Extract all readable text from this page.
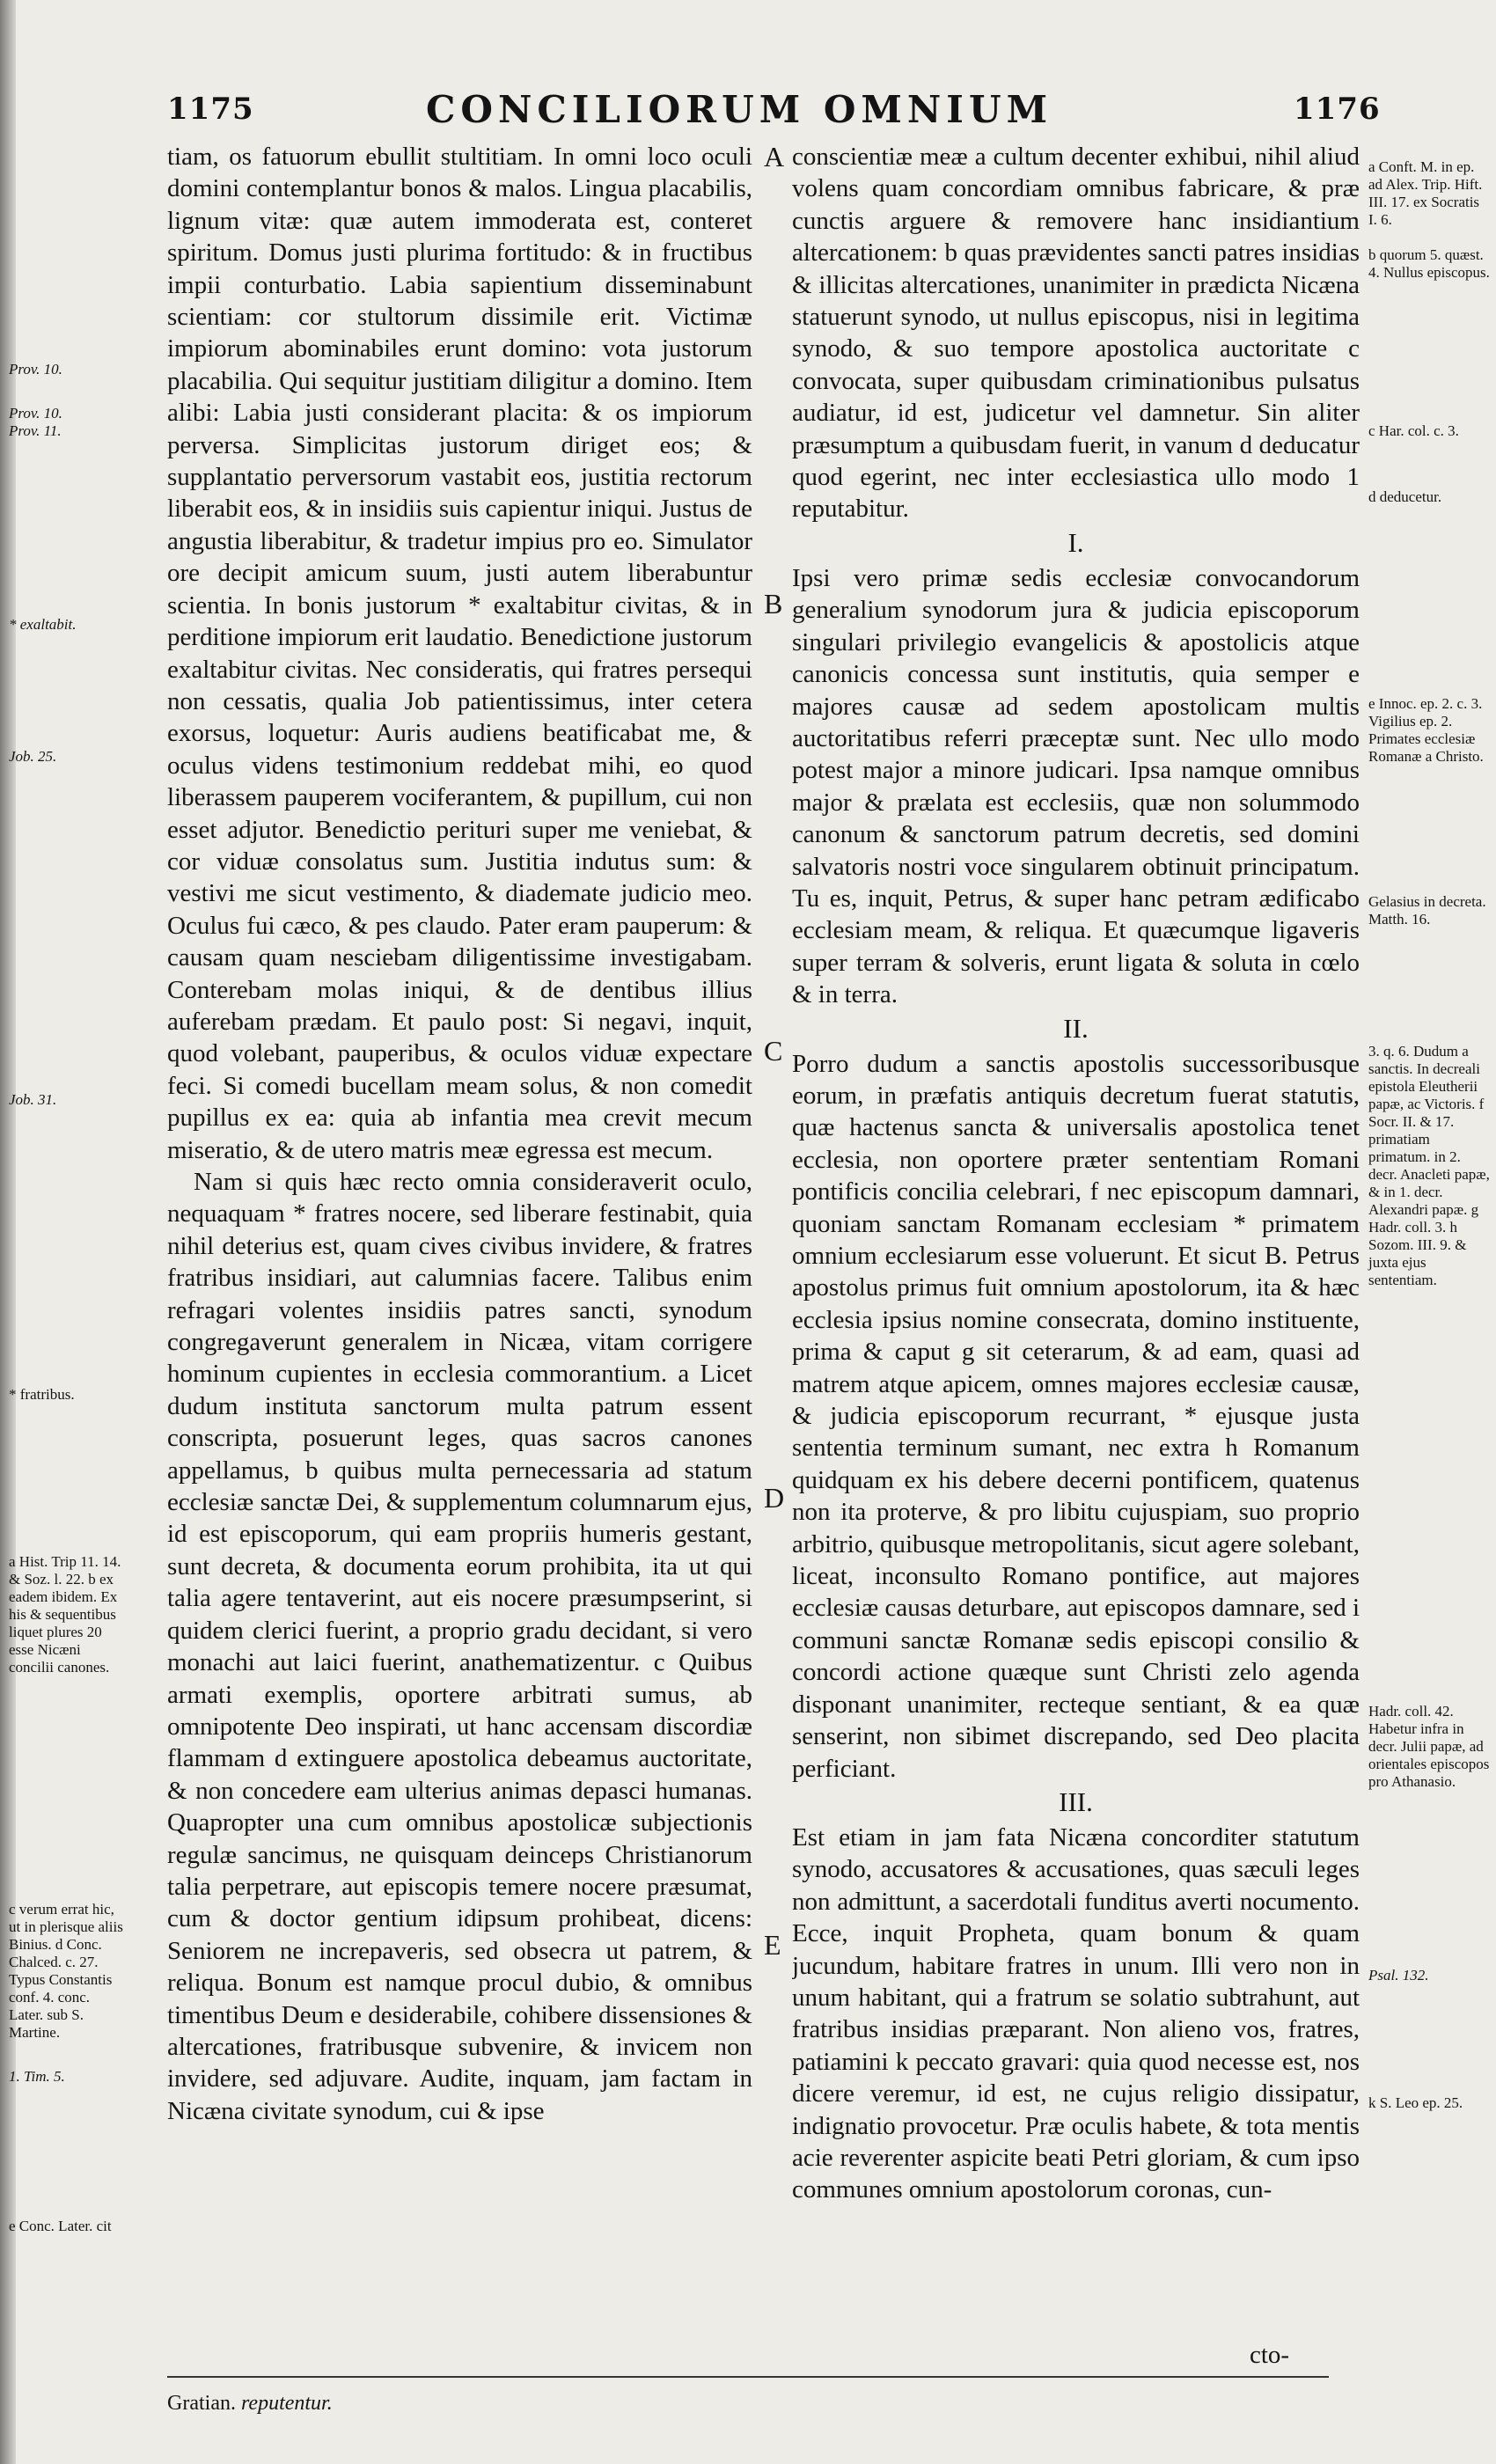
1175	CONCILIORUM OMNIUM	1176
Prov. 10.
Prov. 10.
Prov. 11.
* exaltabit.
Job. 25.
Job. 31.
* fratribus.
a Hist. Trip 11. 14. & Soz. l. 22. b ex eadem ibidem. Ex his & sequentibus liquet plures 20 esse Nicæni concilii canones.
c verum errat hic, ut in plerisque aliis Binius. d Conc. Chalced. c. 27. Typus Constantis conf. 4. conc. Later. sub S. Martine.
1. Tim. 5.
e Conc. Later. cit

tiam, os fatuorum ebullit stultitiam. In omni loco oculi domini contemplantur bonos & malos. Lingua placabilis, lignum vitæ: quæ autem immoderata est, conteret spiritum. Domus justi plurima fortitudo: & in fructibus impii conturbatio. Labia sapientium disseminabunt scientiam: cor stultorum dissimile erit. Victimæ impiorum abominabiles erunt domino: vota justorum placabilia. Qui sequitur justitiam diligitur a domino. Item alibi: Labia justi considerant placita: & os impiorum perversa. Simplicitas justorum diriget eos; & supplantatio perversorum vastabit eos, justitia rectorum liberabit eos, & in insidiis suis capientur iniqui. Justus de angustia liberabitur, & tradetur impius pro eo. Simulator ore decipit amicum suum, justi autem liberabuntur scientia. In bonis justorum * exaltabitur civitas, & in perditione impiorum erit laudatio. Benedictione justorum exaltabitur civitas. Nec consideratis, qui fratres persequi non cessatis, qualia Job patientissimus, inter cetera exorsus, loquetur: Auris audiens beatificabat me, & oculus videns testimonium reddebat mihi, eo quod liberassem pauperem vociferantem, & pupillum, cui non esset adjutor. Benedictio perituri super me veniebat, & cor viduæ consolatus sum. Justitia indutus sum: & vestivi me sicut vestimento, & diademate judicio meo. Oculus fui cæco, & pes claudo. Pater eram pauperum: & causam quam nesciebam diligentissime investigabam. Conterebam molas iniqui, & de dentibus illius auferebam prædam. Et paulo post: Si negavi, inquit, quod volebant, pauperibus, & oculos viduæ expectare feci. Si comedi bucellam meam solus, & non comedit pupillus ex ea: quia ab infantia mea crevit mecum miseratio, & de utero matris meæ egressa est mecum.

Nam si quis hæc recto omnia consideraverit oculo, nequaquam * fratres nocere, sed liberare festinabit, quia nihil deterius est, quam cives civibus invidere, & fratres fratribus insidiari, aut calumnias facere. Talibus enim refragari volentes insidiis patres sancti, synodum congregaverunt generalem in Nicæa, vitam corrigere hominum cupientes in ecclesia commorantium. a Licet dudum instituta sanctorum multa patrum essent conscripta, posuerunt leges, quas sacros canones appellamus, b quibus multa pernecessaria ad statum ecclesiæ sanctæ Dei, & supplementum columnarum ejus, id est episcoporum, qui eam propriis humeris gestant, sunt decreta, & documenta eorum prohibita, ita ut qui talia agere tentaverint, aut eis nocere præsumpserint, si quidem clerici fuerint, a proprio gradu decidant, si vero monachi aut laici fuerint, anathematizentur. c Quibus armati exemplis, oportere arbitrati sumus, ab omnipotente Deo inspirati, ut hanc accensam discordiæ flammam d extinguere apostolica debeamus auctoritate, & non concedere eam ulterius animas depasci humanas. Quapropter una cum omnibus apostolicæ subjectionis regulæ sancimus, ne quisquam deinceps Christianorum talia perpetrare, aut episcopis temere nocere præsumat, cum & doctor gentium idipsum prohibeat, dicens: Seniorem ne increpaveris, sed obsecra ut patrem, & reliqua. Bonum est namque procul dubio, & omnibus timentibus Deum e desiderabile, cohibere dissensiones & altercationes, fratribusque subvenire, & invicem non invidere, sed adjuvare. Audite, inquam, jam factam in Nicæna civitate synodum, cui & ipse

conscientiæ meæ a cultum decenter exhibui, nihil aliud volens quam concordiam omnibus fabricare, & præ cunctis arguere & removere hanc insidiantium altercationem: b quas prævidentes sancti patres insidias & illicitas altercationes, unanimiter in prædicta Nicæna statuerunt synodo, ut nullus episcopus, nisi in legitima synodo, & suo tempore apostolica auctoritate c convocata, super quibusdam criminationibus pulsatus audiatur, id est, judicetur vel damnetur. Sin aliter præsumptum a quibusdam fuerit, in vanum d deducatur quod egerint, nec inter ecclesiastica ullo modo 1 reputabitur.

I.

Ipsi vero primæ sedis ecclesiæ convocandorum generalium synodorum jura & judicia episcoporum singulari privilegio evangelicis & apostolicis atque canonicis concessa sunt institutis, quia semper e majores causæ ad sedem apostolicam multis auctoritatibus referri præceptæ sunt. Nec ullo modo potest major a minore judicari. Ipsa namque omnibus major & prælata est ecclesiis, quæ non solummodo canonum & sanctorum patrum decretis, sed domini salvatoris nostri voce singularem obtinuit principatum. Tu es, inquit, Petrus, & super hanc petram ædificabo ecclesiam meam, & reliqua. Et quæcumque ligaveris super terram & solveris, erunt ligata & soluta in cœlo & in terra.

II.

Porro dudum a sanctis apostolis successoribusque eorum, in præfatis antiquis decretum fuerat statutis, quæ hactenus sancta & universalis apostolica tenet ecclesia, non oportere præter sententiam Romani pontificis concilia celebrari, f nec episcopum damnari, quoniam sanctam Romanam ecclesiam * primatem omnium ecclesiarum esse voluerunt. Et sicut B. Petrus apostolus primus fuit omnium apostolorum, ita & hæc ecclesia ipsius nomine consecrata, domino instituente, prima & caput g sit ceterarum, & ad eam, quasi ad matrem atque apicem, omnes majores ecclesiæ causæ, & judicia episcoporum recurrant, * ejusque justa sententia terminum sumant, nec extra h Romanum quidquam ex his debere decerni pontificem, quatenus non ita proterve, & pro libitu cujuspiam, suo proprio arbitrio, quibusque metropolitanis, sicut agere solebant, liceat, inconsulto Romano pontifice, aut majores ecclesiæ causas deturbare, aut episcopos damnare, sed i communi sanctæ Romanæ sedis episcopi consilio & concordi actione quæque sunt Christi zelo agenda disponant unanimiter, recteque sentiant, & ea quæ senserint, non sibimet discrepando, sed Deo placita perficiant.

III.

Est etiam in jam fata Nicæna concorditer statutum synodo, accusatores & accusationes, quas sæculi leges non admittunt, a sacerdotali funditus averti nocumento. Ecce, inquit Propheta, quam bonum & quam jucundum, habitare fratres in unum. Illi vero non in unum habitant, qui a fratrum se solatio subtrahunt, aut fratribus insidias præparant. Non alieno vos, fratres, patiamini k peccato gravari: quia quod necesse est, nos dicere veremur, id est, ne cujus religio dissipatur, indignatio provocetur. Præ oculis habete, & tota mentis acie reverenter aspicite beati Petri gloriam, & cum ipso communes omnium apostolorum coronas, cun-

A
B
C
D
E
a Conft. M. in ep. ad Alex. Trip. Hift. III. 17. ex Socratis I. 6.
b quorum 5. quæst. 4. Nullus episcopus.
c Har. col. c. 3.
d deducetur.
e Innoc. ep. 2. c. 3. Vigilius ep. 2. Primates ecclesiæ Romanæ a Christo.
Gelasius in decreta. Matth. 16.
3. q. 6. Dudum a sanctis. In decreali epistola Eleutherii papæ, ac Victoris. f Socr. II. & 17. primatiam primatum. in 2. decr. Anacleti papæ, & in 1. decr. Alexandri papæ. g Hadr. coll. 3. h Sozom. III. 9. & juxta ejus sententiam.
Hadr. coll. 42. Habetur infra in decr. Julii papæ, ad orientales episcopos pro Athanasio.
Psal. 132.
k S. Leo ep. 25.
cto-
Gratian. reputentur.
